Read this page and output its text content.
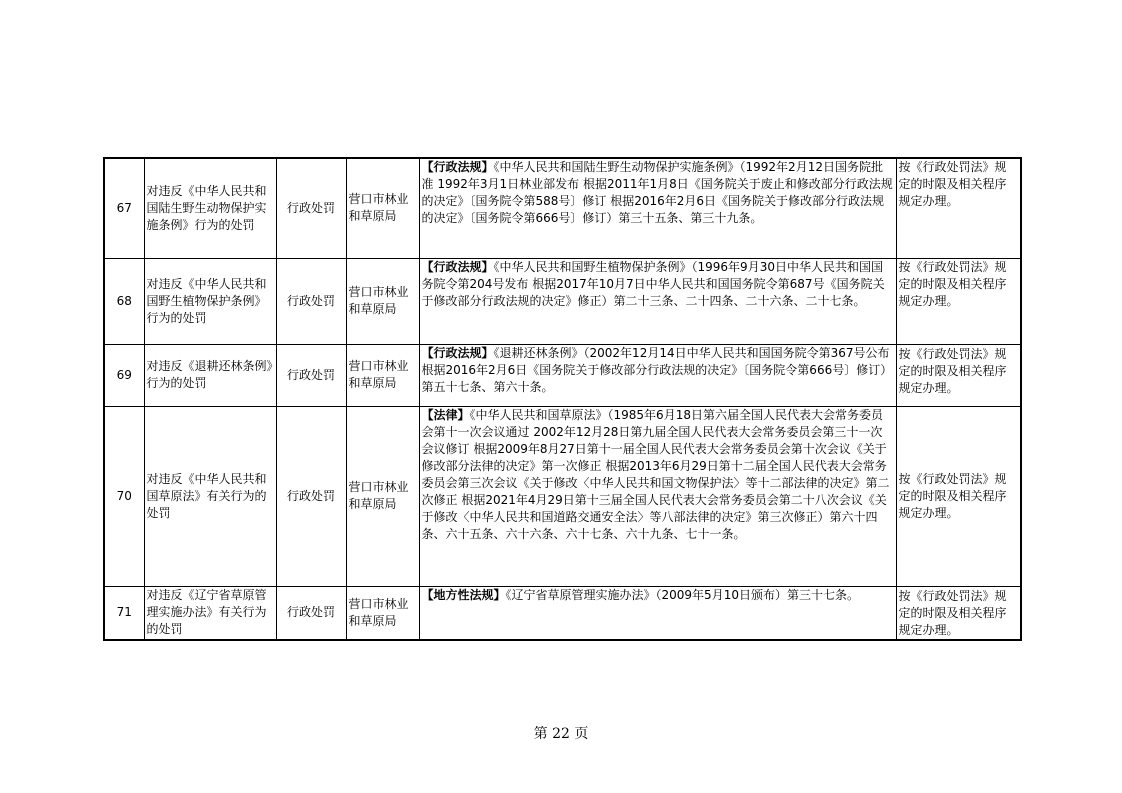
67	对违反《中华人民共和国陆生野生动物保护实施条例》行为的处罚	行政处罚	营口市林业和草原局	【行政法规】《中华人民共和国陆生野生动物保护实施条例》（1992年2月12日国务院批准 1992年3月1日林业部发布 根据2011年1月8日《国务院关于废止和修改部分行政法规的决定》〔国务院令第588号〕修订 根据2016年2月6日《国务院关于修改部分行政法规的决定》〔国务院令第666号〕修订）第三十五条、第三十九条。	按《行政处罚法》规定的时限及相关程序规定办理。
68	对违反《中华人民共和国野生植物保护条例》行为的处罚	行政处罚	营口市林业和草原局	【行政法规】《中华人民共和国野生植物保护条例》（1996年9月30日中华人民共和国国务院令第204号发布 根据2017年10月7日中华人民共和国国务院令第687号《国务院关于修改部分行政法规的决定》修正）第二十三条、二十四条、二十六条、二十七条。	按《行政处罚法》规定的时限及相关程序规定办理。
69	对违反《退耕还林条例》行为的处罚	行政处罚	营口市林业和草原局	【行政法规】《退耕还林条例》（2002年12月14日中华人民共和国国务院令第367号公布 根据2016年2月6日《国务院关于修改部分行政法规的决定》〔国务院令第666号〕修订）第五十七条、第六十条。	按《行政处罚法》规定的时限及相关程序规定办理。
70	对违反《中华人民共和国草原法》有关行为的处罚	行政处罚	营口市林业和草原局	【法律】《中华人民共和国草原法》（1985年6月18日第六届全国人民代表大会常务委员会第十一次会议通过 2002年12月28日第九届全国人民代表大会常务委员会第三十一次会议修订 根据2009年8月27日第十一届全国人民代表大会常务委员会第十次会议《关于修改部分法律的决定》第一次修正 根据2013年6月29日第十二届全国人民代表大会常务委员会第三次会议《关于修改〈中华人民共和国文物保护法〉等十二部法律的决定》第二次修正 根据2021年4月29日第十三届全国人民代表大会常务委员会第二十八次会议《关于修改〈中华人民共和国道路交通安全法〉等八部法律的决定》第三次修正）第六十四条、六十五条、六十六条、六十七条、六十九条、七十一条。	按《行政处罚法》规定的时限及相关程序规定办理。
71	对违反《辽宁省草原管理实施办法》有关行为的处罚	行政处罚	营口市林业和草原局	【地方性法规】《辽宁省草原管理实施办法》（2009年5月10日颁布）第三十七条。	按《行政处罚法》规定的时限及相关程序规定办理。
第 22 页
